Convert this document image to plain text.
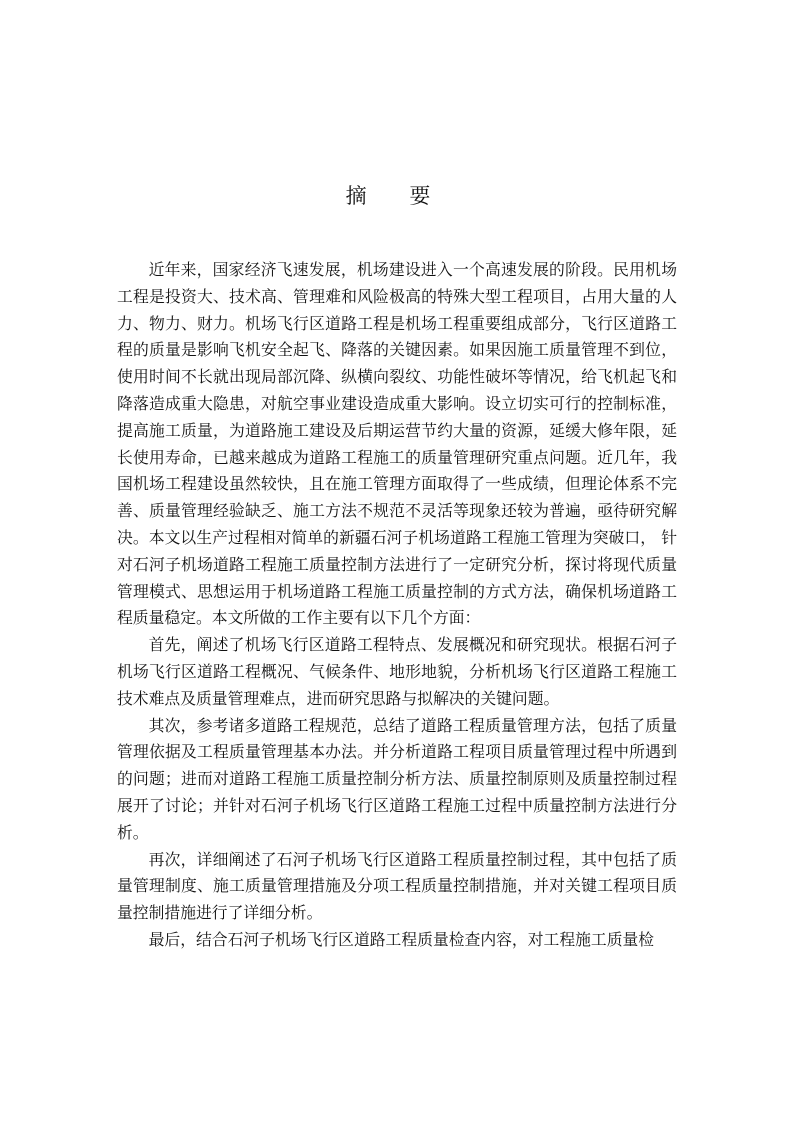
摘 要

近年来，国家经济飞速发展，机场建设进入一个高速发展的阶段。民用机场工程是投资大、技术高、管理难和风险极高的特殊大型工程项目，占用大量的人力、物力、财力。机场飞行区道路工程是机场工程重要组成部分，飞行区道路工程的质量是影响飞机安全起飞、降落的关键因素。如果因施工质量管理不到位，使用时间不长就出现局部沉降、纵横向裂纹、功能性破坏等情况，给飞机起飞和降落造成重大隐患，对航空事业建设造成重大影响。设立切实可行的控制标准，提高施工质量，为道路施工建设及后期运营节约大量的资源，延缓大修年限，延长使用寿命，已越来越成为道路工程施工的质量管理研究重点问题。近几年，我国机场工程建设虽然较快，且在施工管理方面取得了一些成绩，但理论体系不完善、质量管理经验缺乏、施工方法不规范不灵活等现象还较为普遍，亟待研究解决。本文以生产过程相对简单的新疆石河子机场道路工程施工管理为突破口， 针对石河子机场道路工程施工质量控制方法进行了一定研究分析，探讨将现代质量管理模式、思想运用于机场道路工程施工质量控制的方式方法，确保机场道路工程质量稳定。本文所做的工作主要有以下几个方面：

首先，阐述了机场飞行区道路工程特点、发展概况和研究现状。根据石河子机场飞行区道路工程概况、气候条件、地形地貌，分析机场飞行区道路工程施工技术难点及质量管理难点，进而研究思路与拟解决的关键问题。

其次，参考诸多道路工程规范，总结了道路工程质量管理方法，包括了质量管理依据及工程质量管理基本办法。并分析道路工程项目质量管理过程中所遇到的问题；进而对道路工程施工质量控制分析方法、质量控制原则及质量控制过程展开了讨论；并针对石河子机场飞行区道路工程施工过程中质量控制方法进行分析。

再次，详细阐述了石河子机场飞行区道路工程质量控制过程，其中包括了质量管理制度、施工质量管理措施及分项工程质量控制措施，并对关键工程项目质量控制措施进行了详细分析。

最后，结合石河子机场飞行区道路工程质量检查内容，对工程施工质量检
